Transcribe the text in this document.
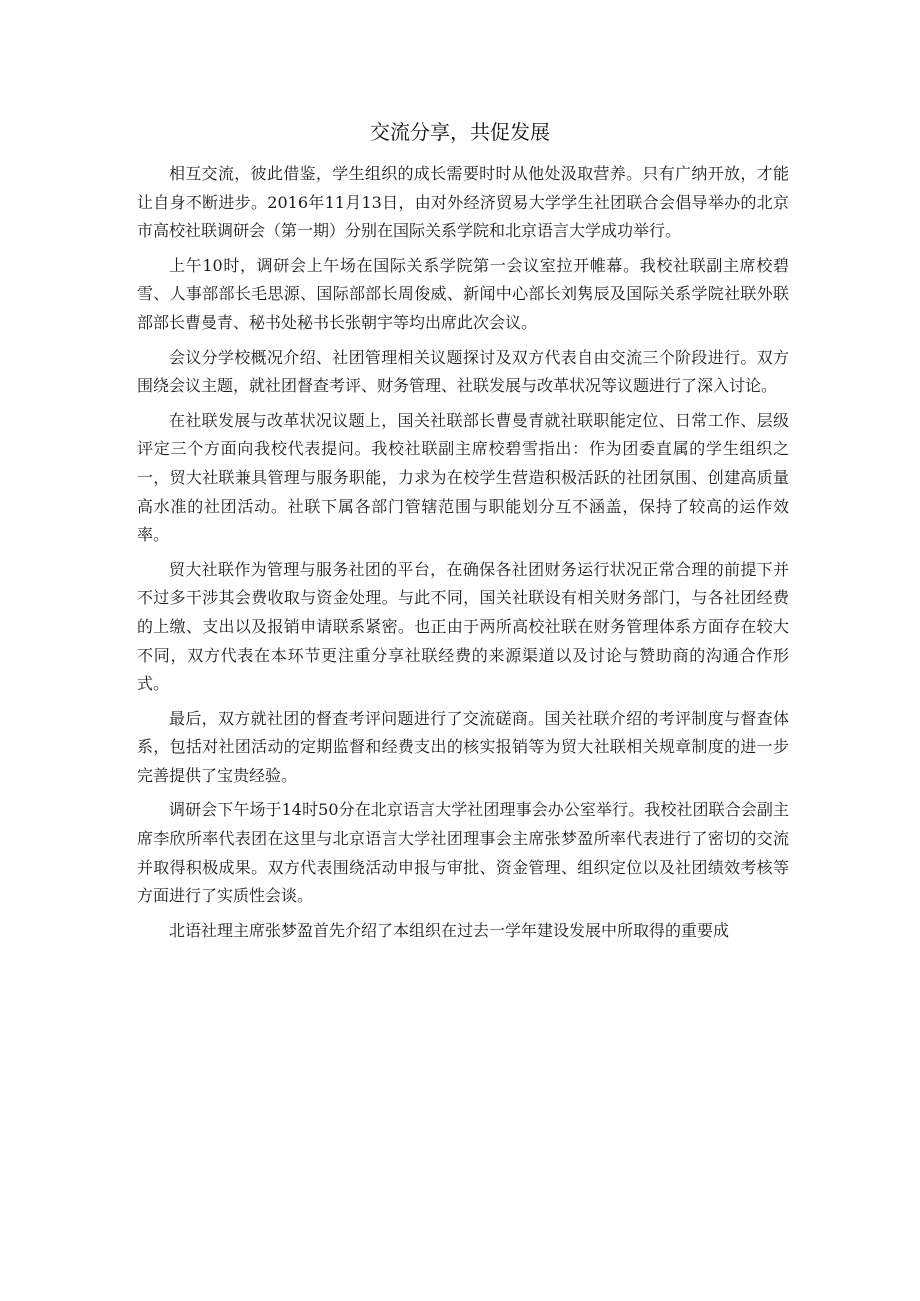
交流分享，共促发展

相互交流，彼此借鉴，学生组织的成长需要时时从他处汲取营养。只有广纳开放，才能让自身不断进步。2016年11月13日，由对外经济贸易大学学生社团联合会倡导举办的北京市高校社联调研会（第一期）分别在国际关系学院和北京语言大学成功举行。

上午10时，调研会上午场在国际关系学院第一会议室拉开帷幕。我校社联副主席校碧雪、人事部部长毛思源、国际部部长周俊威、新闻中心部长刘隽辰及国际关系学院社联外联部部长曹曼青、秘书处秘书长张朝宇等均出席此次会议。

会议分学校概况介绍、社团管理相关议题探讨及双方代表自由交流三个阶段进行。双方围绕会议主题，就社团督查考评、财务管理、社联发展与改革状况等议题进行了深入讨论。

在社联发展与改革状况议题上，国关社联部长曹曼青就社联职能定位、日常工作、层级评定三个方面向我校代表提问。我校社联副主席校碧雪指出：作为团委直属的学生组织之一，贸大社联兼具管理与服务职能，力求为在校学生营造积极活跃的社团氛围、创建高质量高水准的社团活动。社联下属各部门管辖范围与职能划分互不涵盖，保持了较高的运作效率。

贸大社联作为管理与服务社团的平台，在确保各社团财务运行状况正常合理的前提下并不过多干涉其会费收取与资金处理。与此不同，国关社联设有相关财务部门，与各社团经费的上缴、支出以及报销申请联系紧密。也正由于两所高校社联在财务管理体系方面存在较大不同，双方代表在本环节更注重分享社联经费的来源渠道以及讨论与赞助商的沟通合作形式。

最后，双方就社团的督查考评问题进行了交流磋商。国关社联介绍的考评制度与督查体系，包括对社团活动的定期监督和经费支出的核实报销等为贸大社联相关规章制度的进一步完善提供了宝贵经验。

调研会下午场于14时50分在北京语言大学社团理事会办公室举行。我校社团联合会副主席李欣所率代表团在这里与北京语言大学社团理事会主席张梦盈所率代表进行了密切的交流并取得积极成果。双方代表围绕活动申报与审批、资金管理、组织定位以及社团绩效考核等方面进行了实质性会谈。

北语社理主席张梦盈首先介绍了本组织在过去一学年建设发展中所取得的重要成
